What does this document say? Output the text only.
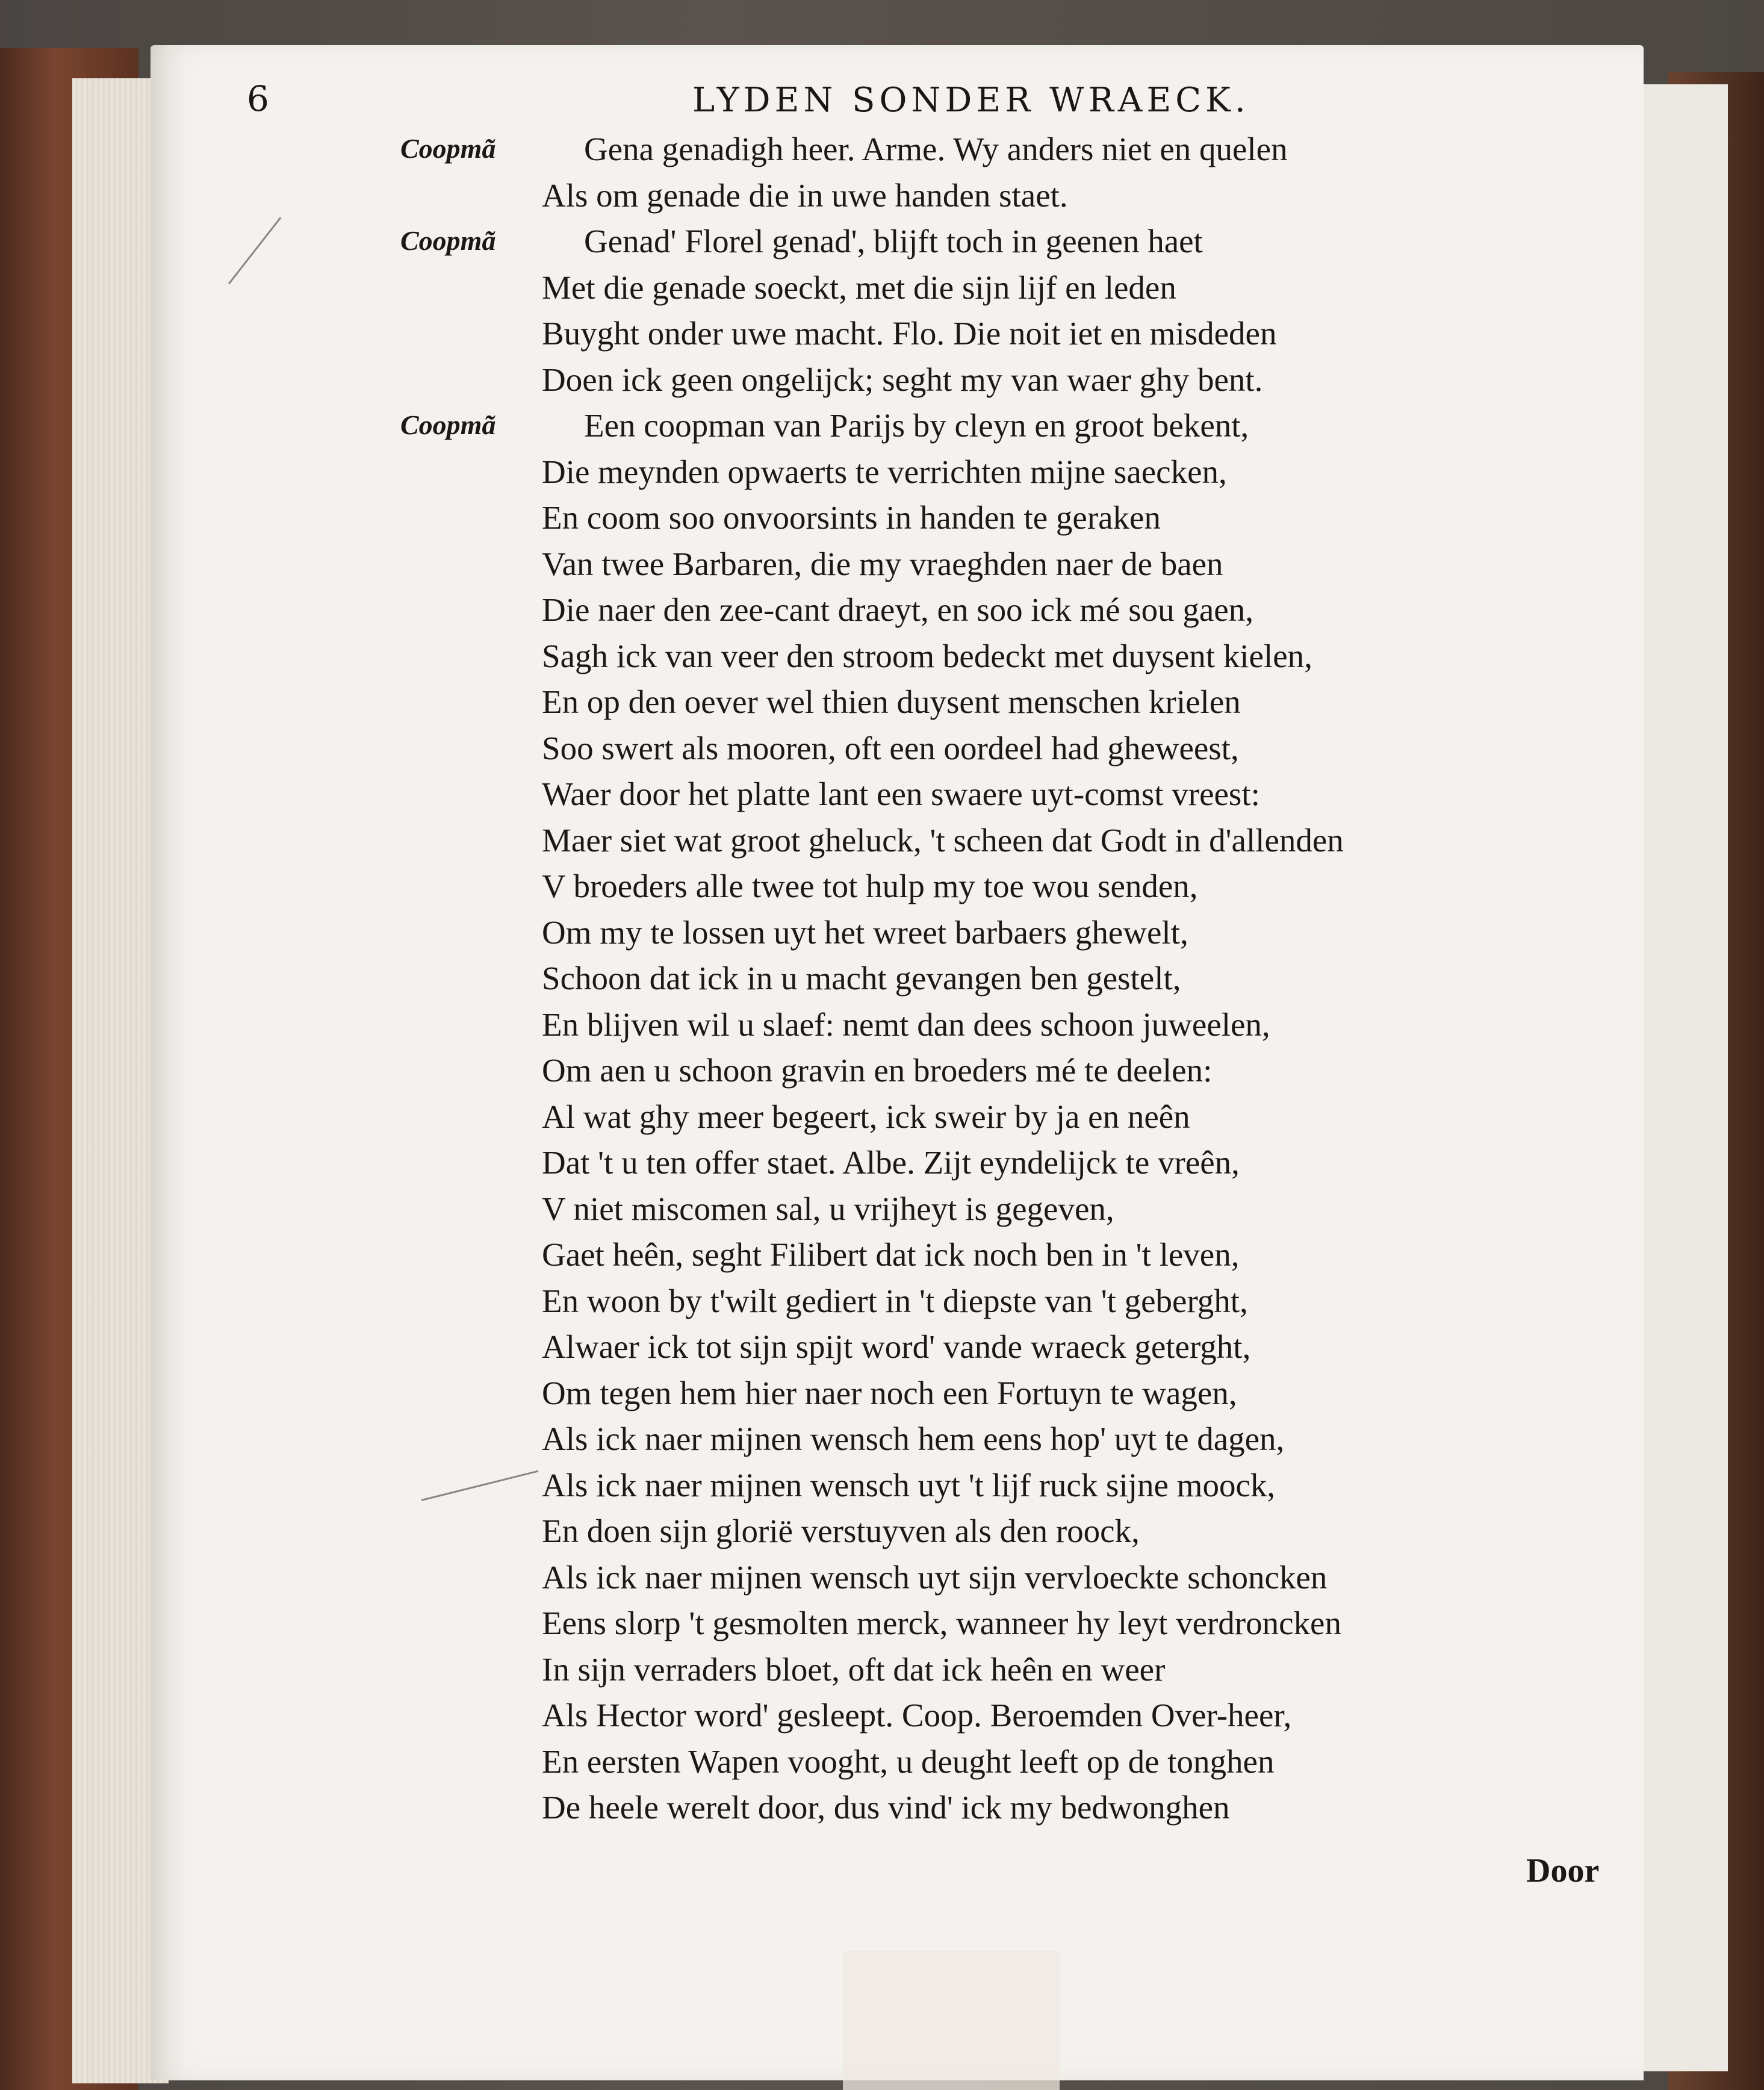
6	LYDEN SONDER WRAECK.
Gena genadigh heer. Arme. Wy anders niet en quelen
Als om genade die in uwe handen staet.
Genad' Florel genad', blijft toch in geenen haet
Met die genade soeckt, met die sijn lijf en leden
Buyght onder uwe macht. Flo. Die noit iet en misdeden
Doen ick geen ongelijck; seght my van waer ghy bent.
Een coopman van Parijs by cleyn en groot bekent,
Die meynden opwaerts te verrichten mijne saecken,
En coom soo onvoorsints in handen te geraken
Van twee Barbaren, die my vraeghden naer de baen
Die naer den zee-cant draeyt, en soo ick mé sou gaen,
Sagh ick van veer den stroom bedeckt met duysent kielen,
En op den oever wel thien duysent menschen krielen
Soo swert als mooren, oft een oordeel had gheweest,
Waer door het platte lant een swaere uyt-comst vreest:
Maer siet wat groot gheluck, 't scheen dat Godt in d'allenden
V broeders alle twee tot hulp my toe wou senden,
Om my te lossen uyt het wreet barbaers ghewelt,
Schoon dat ick in u macht gevangen ben gestelt,
En blijven wil u slaef: nemt dan dees schoon juweelen,
Om aen u schoon gravin en broeders mé te deelen:
Al wat ghy meer begeert, ick sweir by ja en neên
Dat 't u ten offer staet. Albe. Zijt eyndelijck te vreên,
V niet miscomen sal, u vrijheyt is gegeven,
Gaet heên, seght Filibert dat ick noch ben in 't leven,
En woon by t'wilt gediert in 't diepste van 't geberght,
Alwaer ick tot sijn spijt word' vande wraeck geterght,
Om tegen hem hier naer noch een Fortuyn te wagen,
Als ick naer mijnen wensch hem eens hop' uyt te dagen,
Als ick naer mijnen wensch uyt 't lijf ruck sijne moock,
En doen sijn glorië verstuyven als den roock,
Als ick naer mijnen wensch uyt sijn vervloeckte schoncken
Eens slorp 't gesmolten merck, wanneer hy leyt verdroncken
In sijn verraders bloet, oft dat ick heên en weer
Als Hector word' gesleept. Coop. Beroemden Over-heer,
En eersten Wapen vooght, u deught leeft op de tonghen
De heele werelt door, dus vind' ick my bedwonghen
Coopmã
Coopmã
Coopmã
Door
